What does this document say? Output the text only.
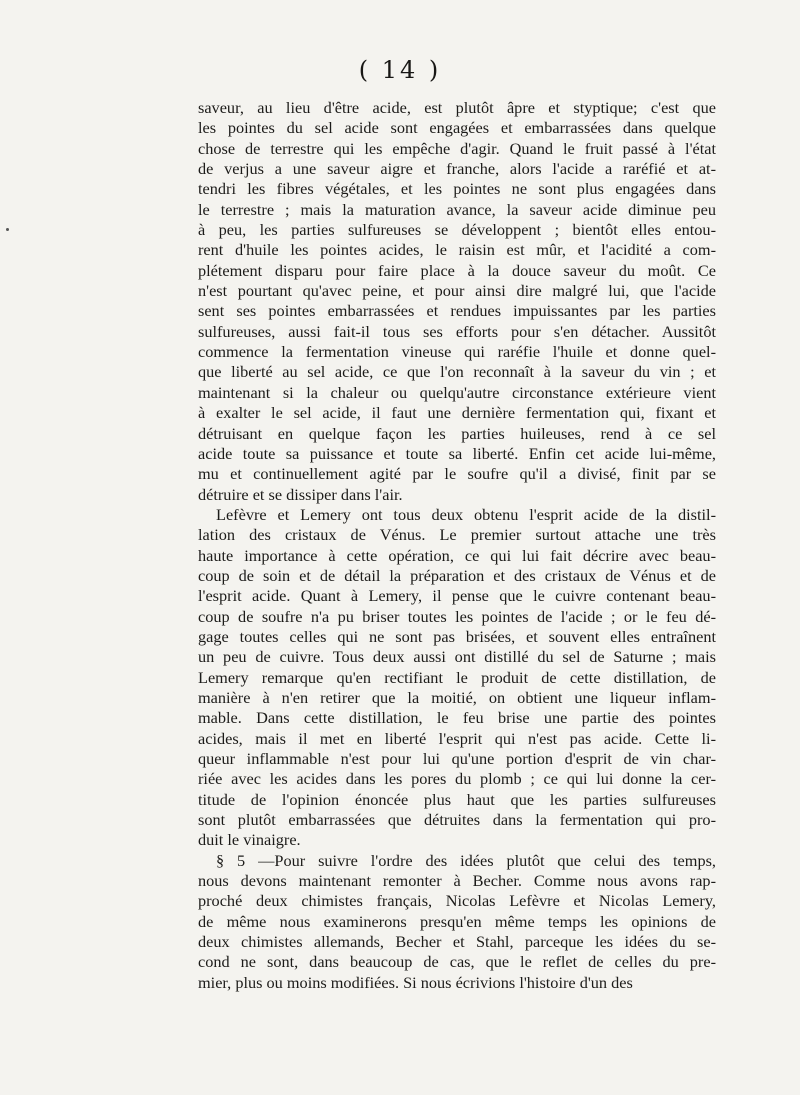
( 14 )
saveur, au lieu d'être acide, est plutôt âpre et styptique; c'est que
les pointes du sel acide sont engagées et embarrassées dans quelque
chose de terrestre qui les empêche d'agir. Quand le fruit passé à l'état
de verjus a une saveur aigre et franche, alors l'acide a raréfié et at-
tendri les fibres végétales, et les pointes ne sont plus engagées dans
le terrestre ; mais la maturation avance, la saveur acide diminue peu
à peu, les parties sulfureuses se développent ; bientôt elles entou-
rent d'huile les pointes acides, le raisin est mûr, et l'acidité a com-
plétement disparu pour faire place à la douce saveur du moût. Ce
n'est pourtant qu'avec peine, et pour ainsi dire malgré lui, que l'acide
sent ses pointes embarrassées et rendues impuissantes par les parties
sulfureuses, aussi fait-il tous ses efforts pour s'en détacher. Aussitôt
commence la fermentation vineuse qui raréfie l'huile et donne quel-
que liberté au sel acide, ce que l'on reconnaît à la saveur du vin ; et
maintenant si la chaleur ou quelqu'autre circonstance extérieure vient
à exalter le sel acide, il faut une dernière fermentation qui, fixant et
détruisant en quelque façon les parties huileuses, rend à ce sel
acide toute sa puissance et toute sa liberté. Enfin cet acide lui-même,
mu et continuellement agité par le soufre qu'il a divisé, finit par se
détruire et se dissiper dans l'air.
Lefèvre et Lemery ont tous deux obtenu l'esprit acide de la distil-
lation des cristaux de Vénus. Le premier surtout attache une très
haute importance à cette opération, ce qui lui fait décrire avec beau-
coup de soin et de détail la préparation et des cristaux de Vénus et de
l'esprit acide. Quant à Lemery, il pense que le cuivre contenant beau-
coup de soufre n'a pu briser toutes les pointes de l'acide ; or le feu dé-
gage toutes celles qui ne sont pas brisées, et souvent elles entraînent
un peu de cuivre. Tous deux aussi ont distillé du sel de Saturne ; mais
Lemery remarque qu'en rectifiant le produit de cette distillation, de
manière à n'en retirer que la moitié, on obtient une liqueur inflam-
mable. Dans cette distillation, le feu brise une partie des pointes
acides, mais il met en liberté l'esprit qui n'est pas acide. Cette li-
queur inflammable n'est pour lui qu'une portion d'esprit de vin char-
riée avec les acides dans les pores du plomb ; ce qui lui donne la cer-
titude de l'opinion énoncée plus haut que les parties sulfureuses
sont plutôt embarrassées que détruites dans la fermentation qui pro-
duit le vinaigre.
§ 5 —Pour suivre l'ordre des idées plutôt que celui des temps,
nous devons maintenant remonter à Becher. Comme nous avons rap-
proché deux chimistes français, Nicolas Lefèvre et Nicolas Lemery,
de même nous examinerons presqu'en même temps les opinions de
deux chimistes allemands, Becher et Stahl, parceque les idées du se-
cond ne sont, dans beaucoup de cas, que le reflet de celles du pre-
mier, plus ou moins modifiées. Si nous écrivions l'histoire d'un des
